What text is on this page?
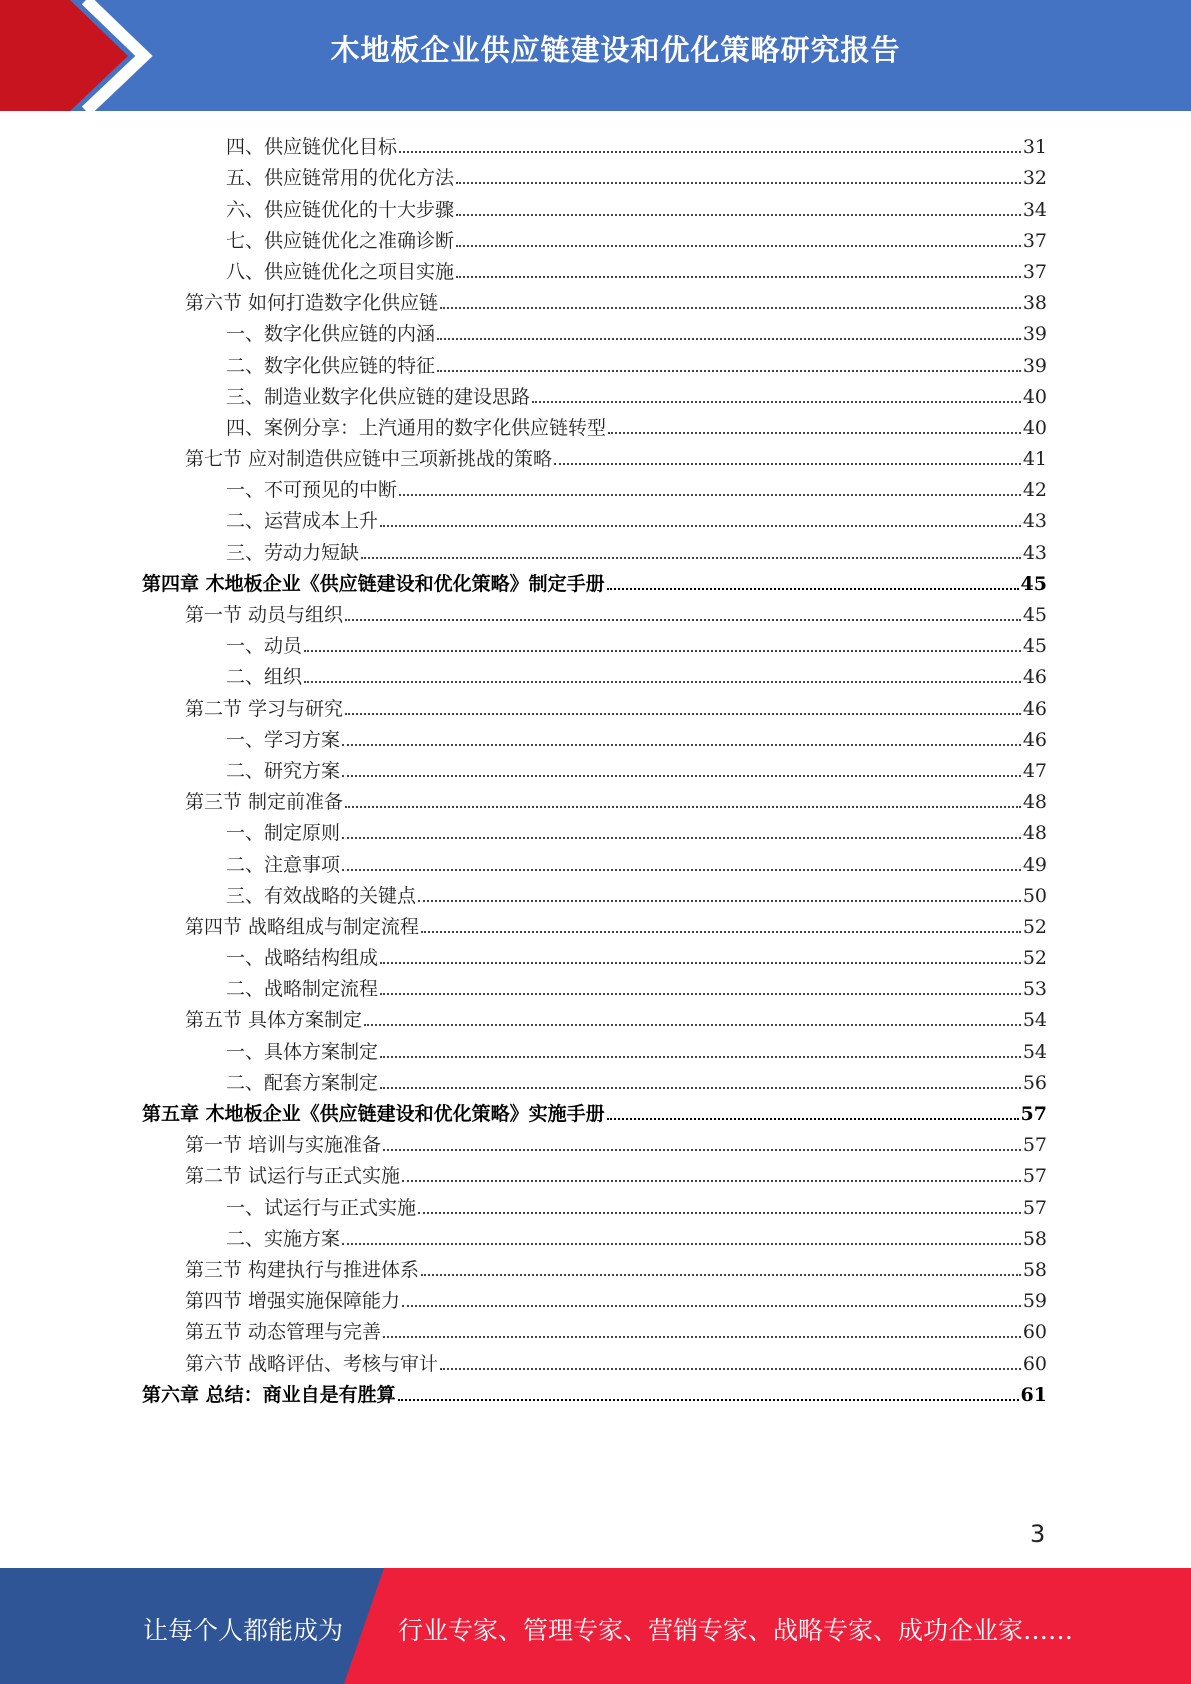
木地板企业供应链建设和优化策略研究报告
四、供应链优化目标	31
五、供应链常用的优化方法	32
六、供应链优化的十大步骤	34
七、供应链优化之准确诊断	37
八、供应链优化之项目实施	37
第六节 如何打造数字化供应链	38
一、数字化供应链的内涵	39
二、数字化供应链的特征	39
三、制造业数字化供应链的建设思路	40
四、案例分享：上汽通用的数字化供应链转型	40
第七节 应对制造供应链中三项新挑战的策略	41
一、不可预见的中断	42
二、运营成本上升	43
三、劳动力短缺	43
第四章 木地板企业《供应链建设和优化策略》制定手册	45
第一节 动员与组织	45
一、动员	45
二、组织	46
第二节 学习与研究	46
一、学习方案	46
二、研究方案	47
第三节 制定前准备	48
一、制定原则	48
二、注意事项	49
三、有效战略的关键点	50
第四节 战略组成与制定流程	52
一、战略结构组成	52
二、战略制定流程	53
第五节 具体方案制定	54
一、具体方案制定	54
二、配套方案制定	56
第五章 木地板企业《供应链建设和优化策略》实施手册	57
第一节 培训与实施准备	57
第二节 试运行与正式实施	57
一、试运行与正式实施	57
二、实施方案	58
第三节 构建执行与推进体系	58
第四节 增强实施保障能力	59
第五节 动态管理与完善	60
第六节 战略评估、考核与审计	60
第六章 总结：商业自是有胜算	61
3
让每个人都能成为 行业专家、管理专家、营销专家、战略专家、成功企业家……
